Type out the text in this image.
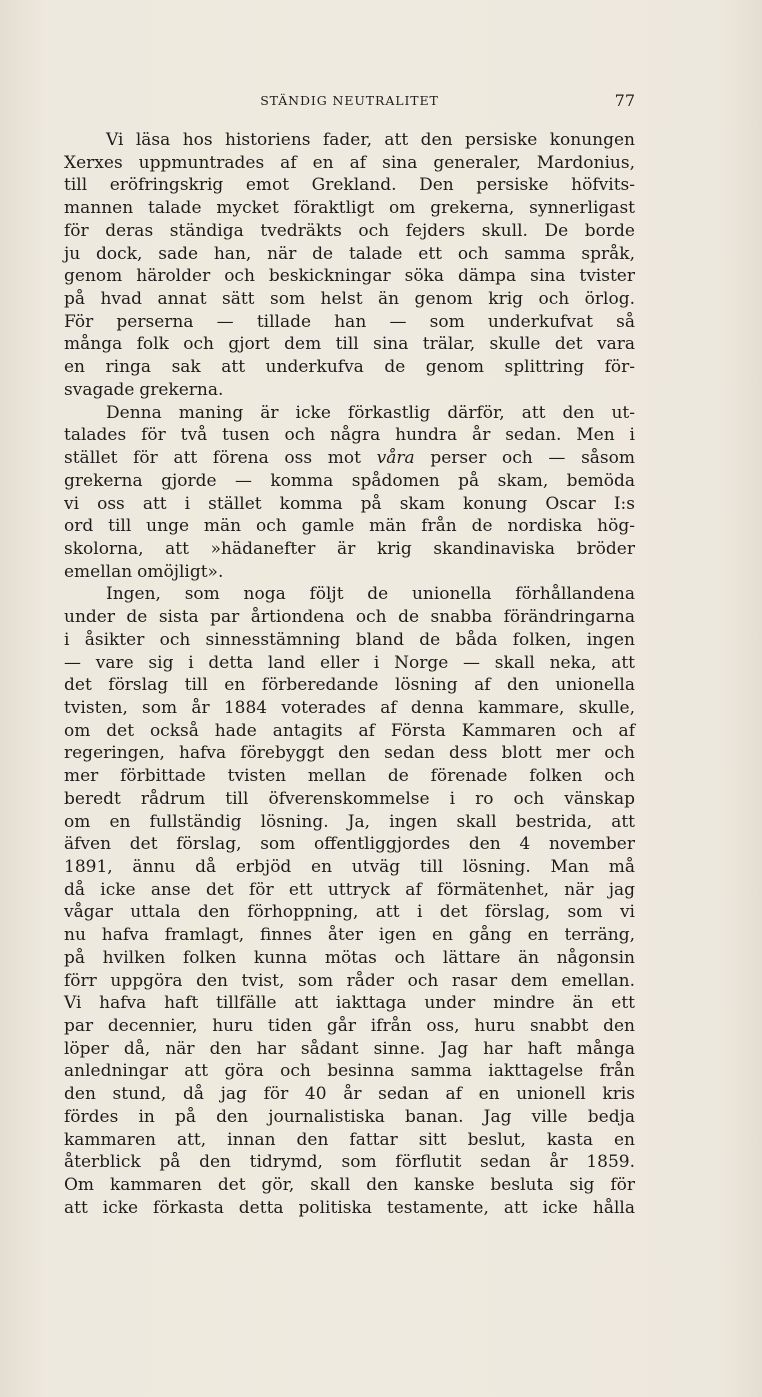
STÄNDIG NEUTRALITET	77
Vi läsa hos historiens fader, att den persiske konungen
Xerxes uppmuntrades af en af sina generaler, Mardonius,
till eröfringskrig emot Grekland. Den persiske höfvits-
mannen talade mycket föraktligt om grekerna, synnerligast
för deras ständiga tvedräkts och fejders skull. De borde
ju dock, sade han, när de talade ett och samma språk,
genom härolder och beskickningar söka dämpa sina tvister
på hvad annat sätt som helst än genom krig och örlog.
För perserna — tillade han — som underkufvat så
många folk och gjort dem till sina trälar, skulle det vara
en ringa sak att underkufva de genom splittring för-
svagade grekerna.
Denna maning är icke förkastlig därför, att den ut-
talades för två tusen och några hundra år sedan. Men i
stället för att förena oss mot våra perser och — såsom
grekerna gjorde — komma spådomen på skam, bemöda
vi oss att i stället komma på skam konung Oscar I:s
ord till unge män och gamle män från de nordiska hög-
skolorna, att »hädanefter är krig skandinaviska bröder
emellan omöjligt».
Ingen, som noga följt de unionella förhållandena
under de sista par årtiondena och de snabba förändringarna
i åsikter och sinnesstämning bland de båda folken, ingen
— vare sig i detta land eller i Norge — skall neka, att
det förslag till en förberedande lösning af den unionella
tvisten, som år 1884 voterades af denna kammare, skulle,
om det också hade antagits af Första Kammaren och af
regeringen, hafva förebyggt den sedan dess blott mer och
mer förbittade tvisten mellan de förenade folken och
beredt rådrum till öfverenskommelse i ro och vänskap
om en fullständig lösning. Ja, ingen skall bestrida, att
äfven det förslag, som offentliggjordes den 4 november
1891, ännu då erbjöd en utväg till lösning. Man må
då icke anse det för ett uttryck af förmätenhet, när jag
vågar uttala den förhoppning, att i det förslag, som vi
nu hafva framlagt, finnes åter igen en gång en terräng,
på hvilken folken kunna mötas och lättare än någonsin
förr uppgöra den tvist, som råder och rasar dem emellan.
Vi hafva haft tillfälle att iakttaga under mindre än ett
par decennier, huru tiden går ifrån oss, huru snabbt den
löper då, när den har sådant sinne. Jag har haft många
anledningar att göra och besinna samma iakttagelse från
den stund, då jag för 40 år sedan af en unionell kris
fördes in på den journalistiska banan. Jag ville bedja
kammaren att, innan den fattar sitt beslut, kasta en
återblick på den tidrymd, som förflutit sedan år 1859.
Om kammaren det gör, skall den kanske besluta sig för
att icke förkasta detta politiska testamente, att icke hålla
